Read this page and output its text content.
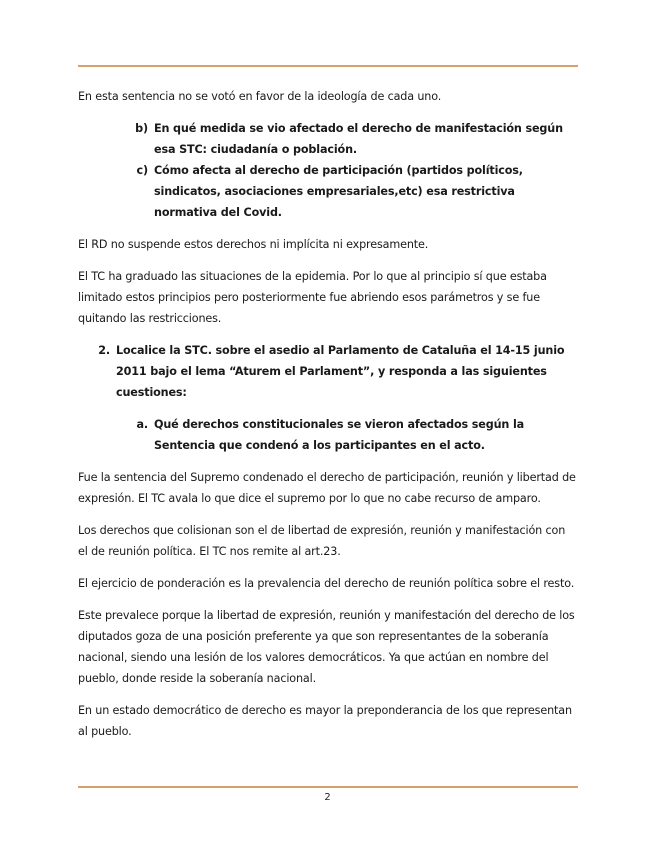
En esta sentencia no se votó en favor de la ideología de cada uno.

b) En qué medida se vio afectado el derecho de manifestación según esa STC: ciudadanía o población.
c) Cómo afecta al derecho de participación (partidos políticos, sindicatos, asociaciones empresariales,etc) esa restrictiva normativa del Covid.

El RD no suspende estos derechos ni implícita ni expresamente.

El TC ha graduado las situaciones de la epidemia. Por lo que al principio sí que estaba limitado estos principios pero posteriormente fue abriendo esos parámetros y se fue quitando las restricciones.

2. Localice la STC. sobre el asedio al Parlamento de Cataluña el 14-15 junio 2011 bajo el lema “Aturem el Parlament”, y responda a las siguientes cuestiones:
a. Qué derechos constitucionales se vieron afectados según la Sentencia que condenó a los participantes en el acto.

Fue la sentencia del Supremo condenado el derecho de participación, reunión y libertad de expresión. El TC avala lo que dice el supremo por lo que no cabe recurso de amparo.

Los derechos que colisionan son el de libertad de expresión, reunión y manifestación con el de reunión política. El TC nos remite al art.23.

El ejercicio de ponderación es la prevalencia del derecho de reunión política sobre el resto.

Este prevalece porque la libertad de expresión, reunión y manifestación del derecho de los diputados goza de una posición preferente ya que son representantes de la soberanía nacional, siendo una lesión de los valores democráticos. Ya que actúan en nombre del pueblo, donde reside la soberanía nacional.

En un estado democrático de derecho es mayor la preponderancia de los que representan al pueblo.

2
